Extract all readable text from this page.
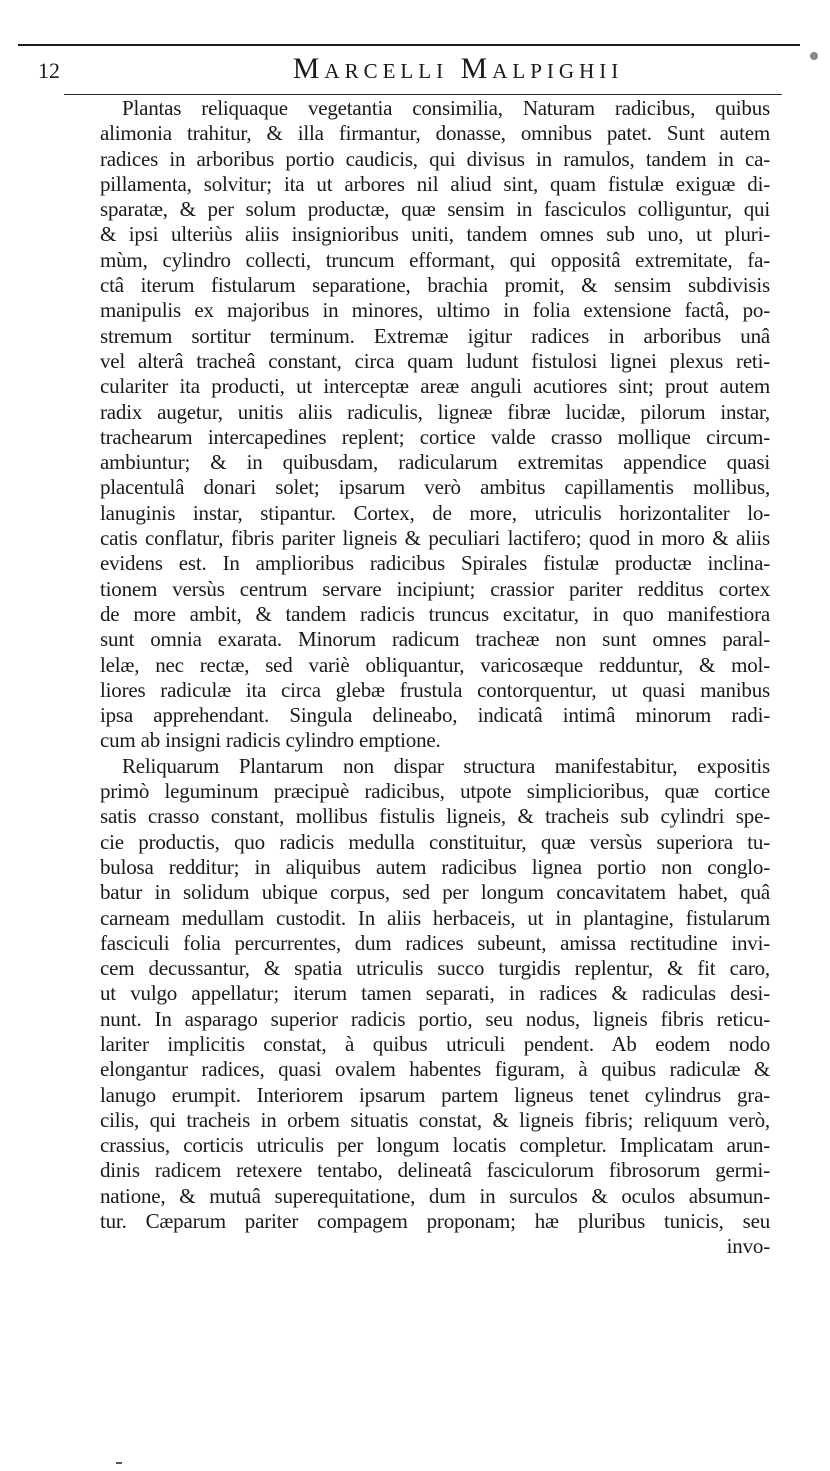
12	Marcelli Malpighii
Plantas reliquaque vegetantia consimilia, Naturam radicibus, quibus
alimonia trahitur, & illa firmantur, donasse, omnibus patet. Sunt autem
radices in arboribus portio caudicis, qui divisus in ramulos, tandem in ca-
pillamenta, solvitur; ita ut arbores nil aliud sint, quam fistulæ exiguæ di-
sparatæ, & per solum productæ, quæ sensim in fasciculos colliguntur, qui
& ipsi ulteriùs aliis insignioribus uniti, tandem omnes sub uno, ut pluri-
mùm, cylindro collecti, truncum efformant, qui oppositâ extremitate, fa-
ctâ iterum fistularum separatione, brachia promit, & sensim subdivisis
manipulis ex majoribus in minores, ultimo in folia extensione factâ, po-
stremum sortitur terminum. Extremæ igitur radices in arboribus unâ
vel alterâ tracheâ constant, circa quam ludunt fistulosi lignei plexus reti-
culariter ita producti, ut interceptæ areæ anguli acutiores sint; prout autem
radix augetur, unitis aliis radiculis, ligneæ fibræ lucidæ, pilorum instar,
trachearum intercapedines replent; cortice valde crasso mollique circum-
ambiuntur; & in quibusdam, radicularum extremitas appendice quasi
placentulâ donari solet; ipsarum verò ambitus capillamentis mollibus,
lanuginis instar, stipantur. Cortex, de more, utriculis horizontaliter lo-
catis conflatur, fibris pariter ligneis & peculiari lactifero; quod in moro & aliis
evidens est. In amplioribus radicibus Spirales fistulæ productæ inclina-
tionem versùs centrum servare incipiunt; crassior pariter redditus cortex
de more ambit, & tandem radicis truncus excitatur, in quo manifestiora
sunt omnia exarata. Minorum radicum tracheæ non sunt omnes paral-
lelæ, nec rectæ, sed variè obliquantur, varicosæque redduntur, & mol-
liores radiculæ ita circa glebæ frustula contorquentur, ut quasi manibus
ipsa apprehendant. Singula delineabo, indicatâ intimâ minorum radi-
cum ab insigni radicis cylindro emptione.
Reliquarum Plantarum non dispar structura manifestabitur, expositis
primò leguminum præcipuè radicibus, utpote simplicioribus, quæ cortice
satis crasso constant, mollibus fistulis ligneis, & tracheis sub cylindri spe-
cie productis, quo radicis medulla constituitur, quæ versùs superiora tu-
bulosa redditur; in aliquibus autem radicibus lignea portio non conglo-
batur in solidum ubique corpus, sed per longum concavitatem habet, quâ
carneam medullam custodit. In aliis herbaceis, ut in plantagine, fistularum
fasciculi folia percurrentes, dum radices subeunt, amissa rectitudine invi-
cem decussantur, & spatia utriculis succo turgidis replentur, & fit caro,
ut vulgo appellatur; iterum tamen separati, in radices & radiculas desi-
nunt. In asparago superior radicis portio, seu nodus, ligneis fibris reticu-
lariter implicitis constat, à quibus utriculi pendent. Ab eodem nodo
elongantur radices, quasi ovalem habentes figuram, à quibus radiculæ &
lanugo erumpit. Interiorem ipsarum partem ligneus tenet cylindrus gra-
cilis, qui tracheis in orbem situatis constat, & ligneis fibris; reliquum verò,
crassius, corticis utriculis per longum locatis completur. Implicatam arun-
dinis radicem retexere tentabo, delineatâ fasciculorum fibrosorum germi-
natione, & mutuâ superequitatione, dum in surculos & oculos absumun-
tur. Cæparum pariter compagem proponam; hæ pluribus tunicis, seu
invo-
